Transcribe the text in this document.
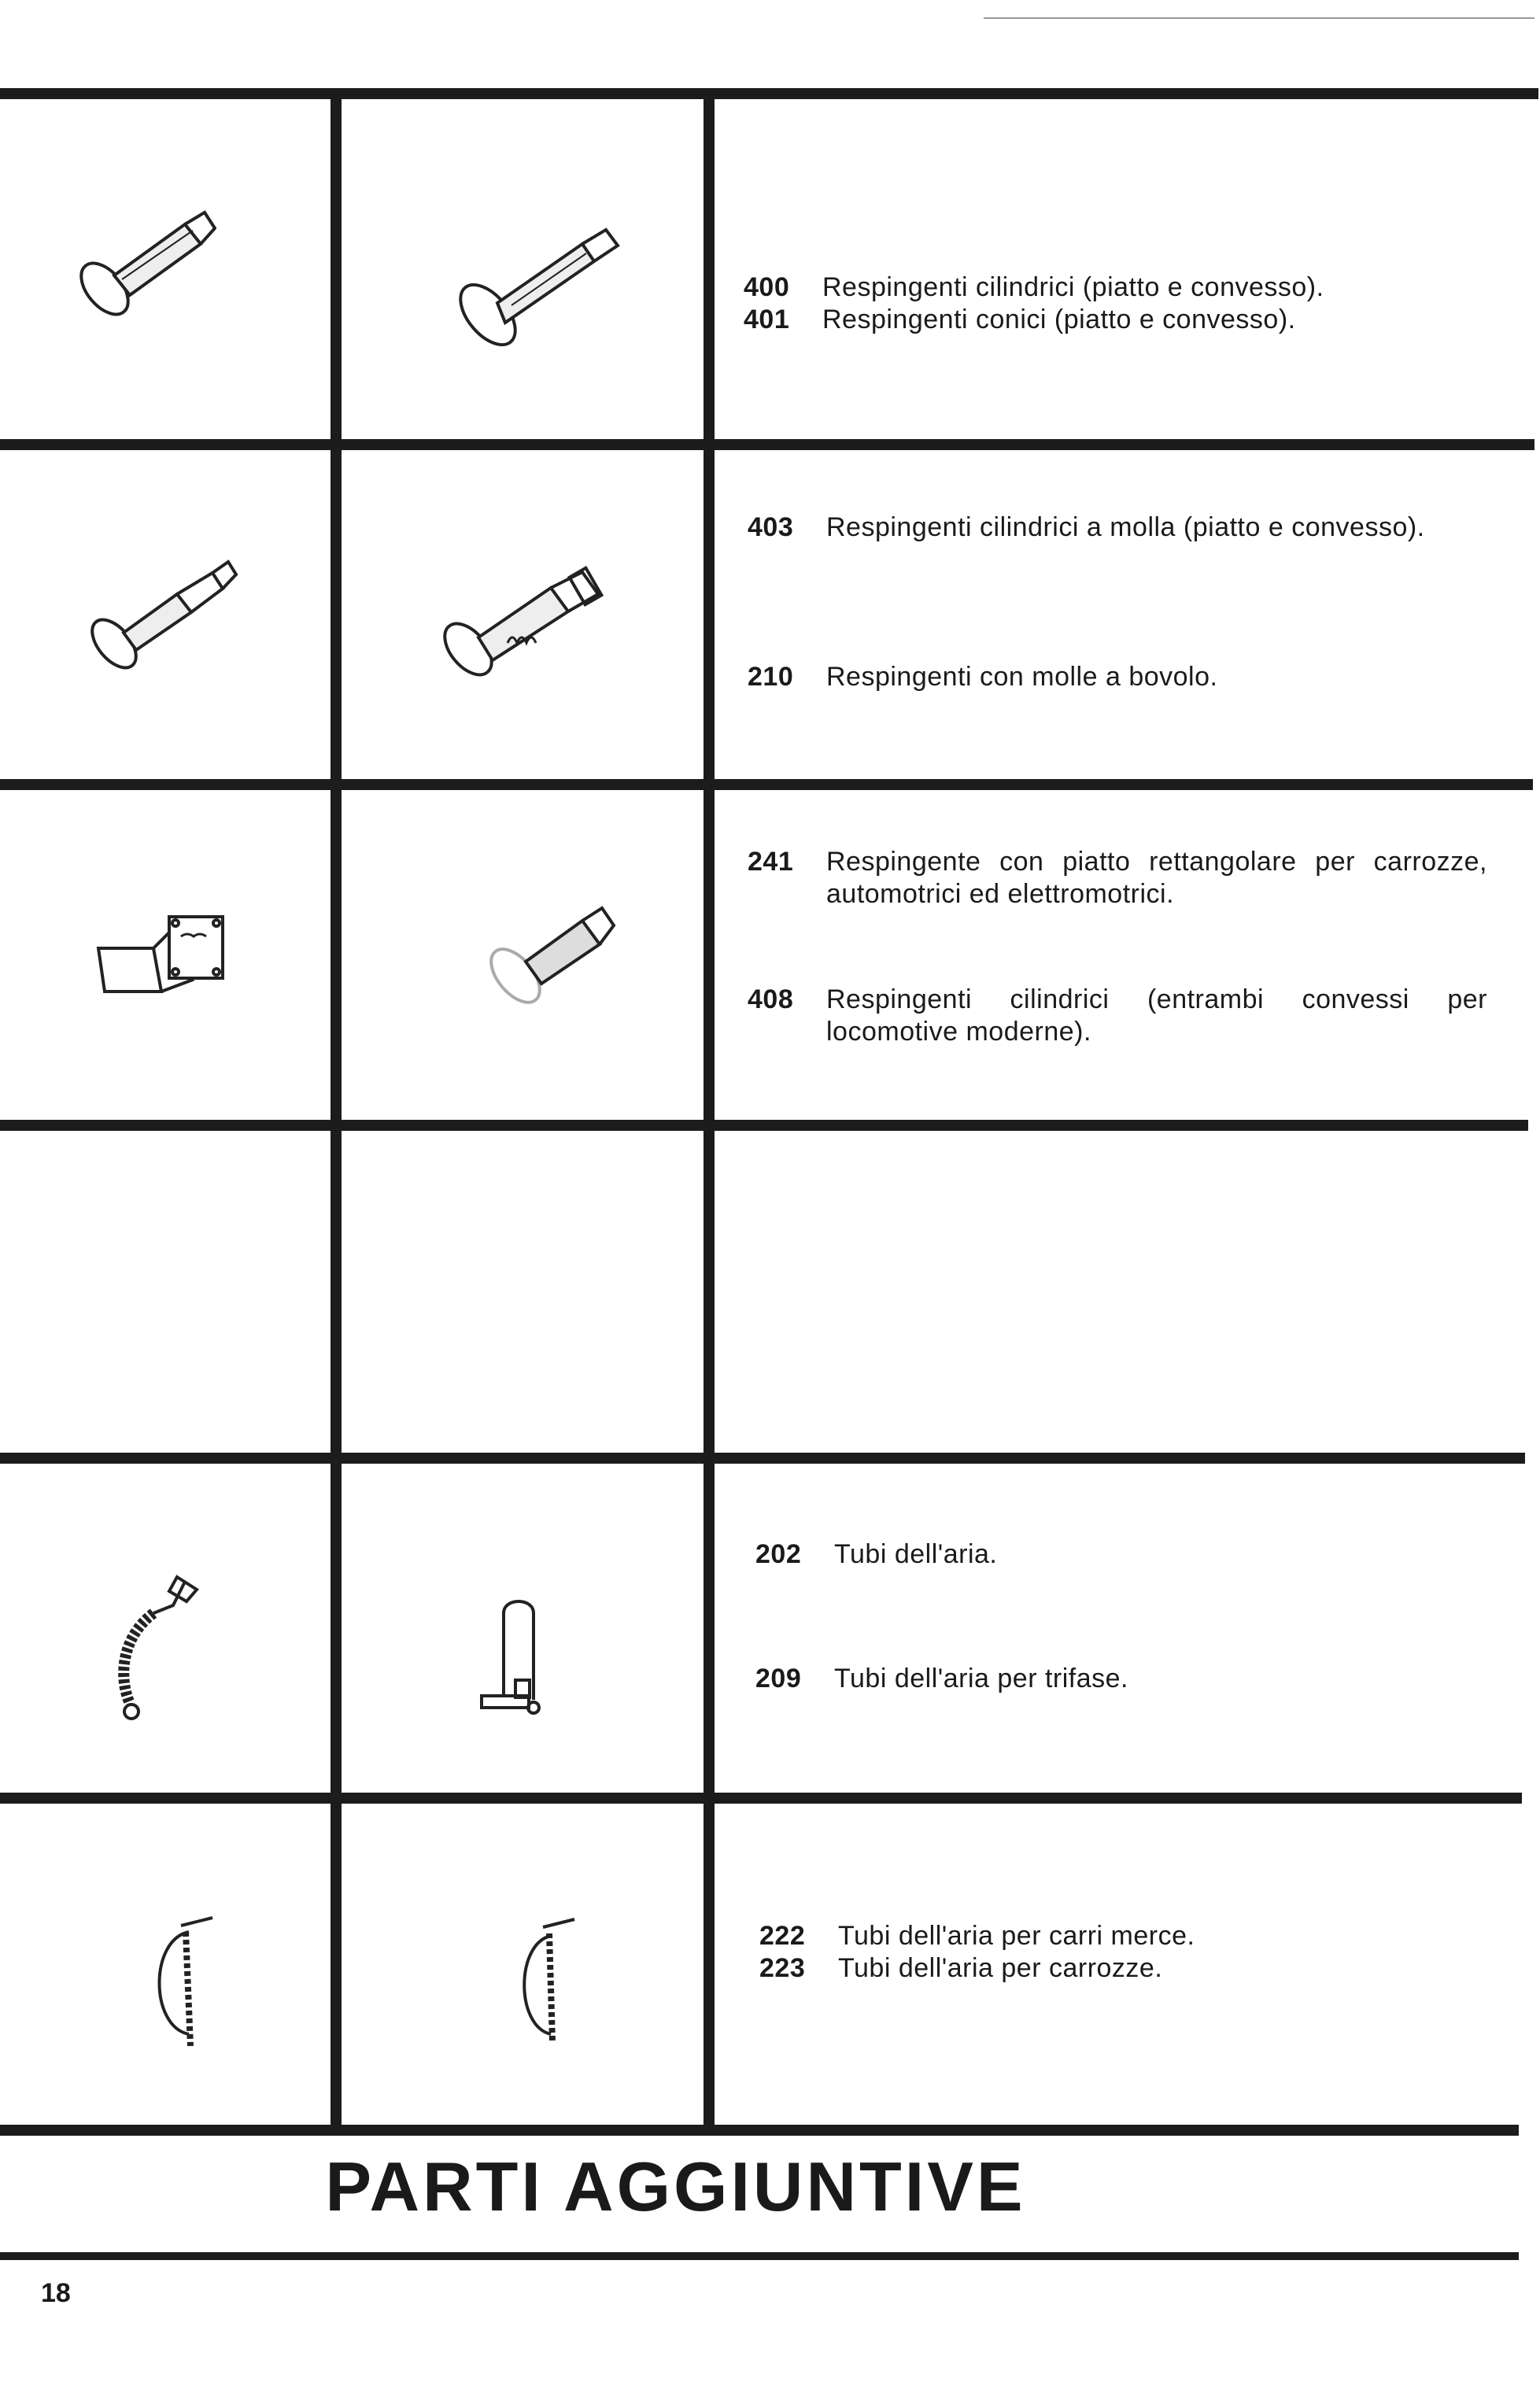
400	Respingenti cilindrici (piatto e convesso).
401	Respingenti conici (piatto e convesso).
403	Respingenti cilindrici a molla (piatto e convesso).
210	Respingenti con molle a bovolo.
241	Respingente con piatto rettangolare per carrozze, automotrici ed elettromotrici.
408	Respingenti cilindrici (entrambi convessi per locomotive moderne).
202	Tubi dell'aria.
209	Tubi dell'aria per trifase.
222	Tubi dell'aria per carri merce.
223	Tubi dell'aria per carrozze.
PARTI AGGIUNTIVE
18
